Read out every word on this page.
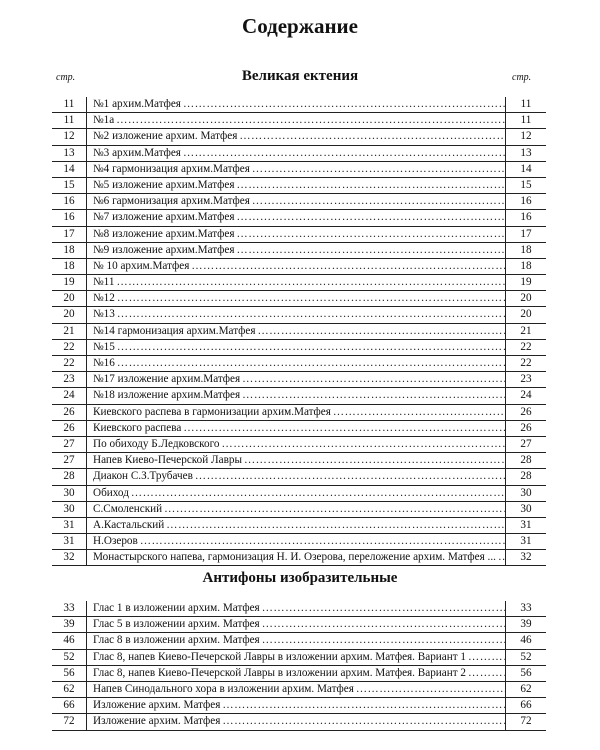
Содержание
стр.	стр.
Великая ектения
11	№1 архим.Матфея ……………………………………………………………………………………………………………………………………………………………………………	11
11	№1а ……………………………………………………………………………………………………………………………………………………………………………	11
12	№2 изложение архим. Матфея ……………………………………………………………………………………………………………………………………………………………………………	12
13	№3 архим.Матфея ……………………………………………………………………………………………………………………………………………………………………………	13
14	№4 гармонизация архим.Матфея ……………………………………………………………………………………………………………………………………………………………………………	14
15	№5 изложение архим.Матфея ……………………………………………………………………………………………………………………………………………………………………………	15
16	№6 гармонизация архим.Матфея ……………………………………………………………………………………………………………………………………………………………………………	16
16	№7 изложение архим.Матфея ……………………………………………………………………………………………………………………………………………………………………………	16
17	№8 изложение архим.Матфея ……………………………………………………………………………………………………………………………………………………………………………	17
18	№9 изложение архим.Матфея ……………………………………………………………………………………………………………………………………………………………………………	18
18	№ 10 архим.Матфея ……………………………………………………………………………………………………………………………………………………………………………	18
19	№11 ……………………………………………………………………………………………………………………………………………………………………………	19
20	№12 ……………………………………………………………………………………………………………………………………………………………………………	20
20	№13 ……………………………………………………………………………………………………………………………………………………………………………	20
21	№14 гармонизация архим.Матфея ……………………………………………………………………………………………………………………………………………………………………………	21
22	№15 ……………………………………………………………………………………………………………………………………………………………………………	22
22	№16 ……………………………………………………………………………………………………………………………………………………………………………	22
23	№17 изложение архим.Матфея ……………………………………………………………………………………………………………………………………………………………………………	23
24	№18 изложение архим.Матфея ……………………………………………………………………………………………………………………………………………………………………………	24
26	Киевского распева в гармонизации архим.Матфея ……………………………………………………………………………………………………………………………………………………………………………	26
26	Киевского распева ……………………………………………………………………………………………………………………………………………………………………………	26
27	По обиходу Б.Ледковского ……………………………………………………………………………………………………………………………………………………………………………	27
27	Напев Киево-Печерской Лавры ……………………………………………………………………………………………………………………………………………………………………………	28
28	Диакон С.З.Трубачев ……………………………………………………………………………………………………………………………………………………………………………	28
30	Обиход ……………………………………………………………………………………………………………………………………………………………………………	30
30	С.Смоленский ……………………………………………………………………………………………………………………………………………………………………………	30
31	А.Кастальский ……………………………………………………………………………………………………………………………………………………………………………	31
31	Н.Озеров ……………………………………………………………………………………………………………………………………………………………………………	31
32	Монастырского напева, гармонизация Н. И. Озерова, переложение архим. Матфея ... ……………………………………………………………………………………………………………………………………………………………………………	32
Антифоны изобразительные
33	Глас 1 в изложении архим. Матфея ……………………………………………………………………………………………………………………………………………………………………………	33
39	Глас 5 в изложении архим. Матфея ……………………………………………………………………………………………………………………………………………………………………………	39
46	Глас 8 в изложении архим. Матфея ……………………………………………………………………………………………………………………………………………………………………………	46
52	Глас 8, напев Киево-Печерской Лавры в изложении архим. Матфея. Вариант 1 ……………………………………………………………………………………………………………………………………………………………………………	52
56	Глас 8, напев Киево-Печерской Лавры в изложении архим. Матфея. Вариант 2 ……………………………………………………………………………………………………………………………………………………………………………	56
62	Напев Синодального хора в изложении архим. Матфея ……………………………………………………………………………………………………………………………………………………………………………	62
66	Изложение архим. Матфея ……………………………………………………………………………………………………………………………………………………………………………	66
72	Изложение архим. Матфея ……………………………………………………………………………………………………………………………………………………………………………	72
